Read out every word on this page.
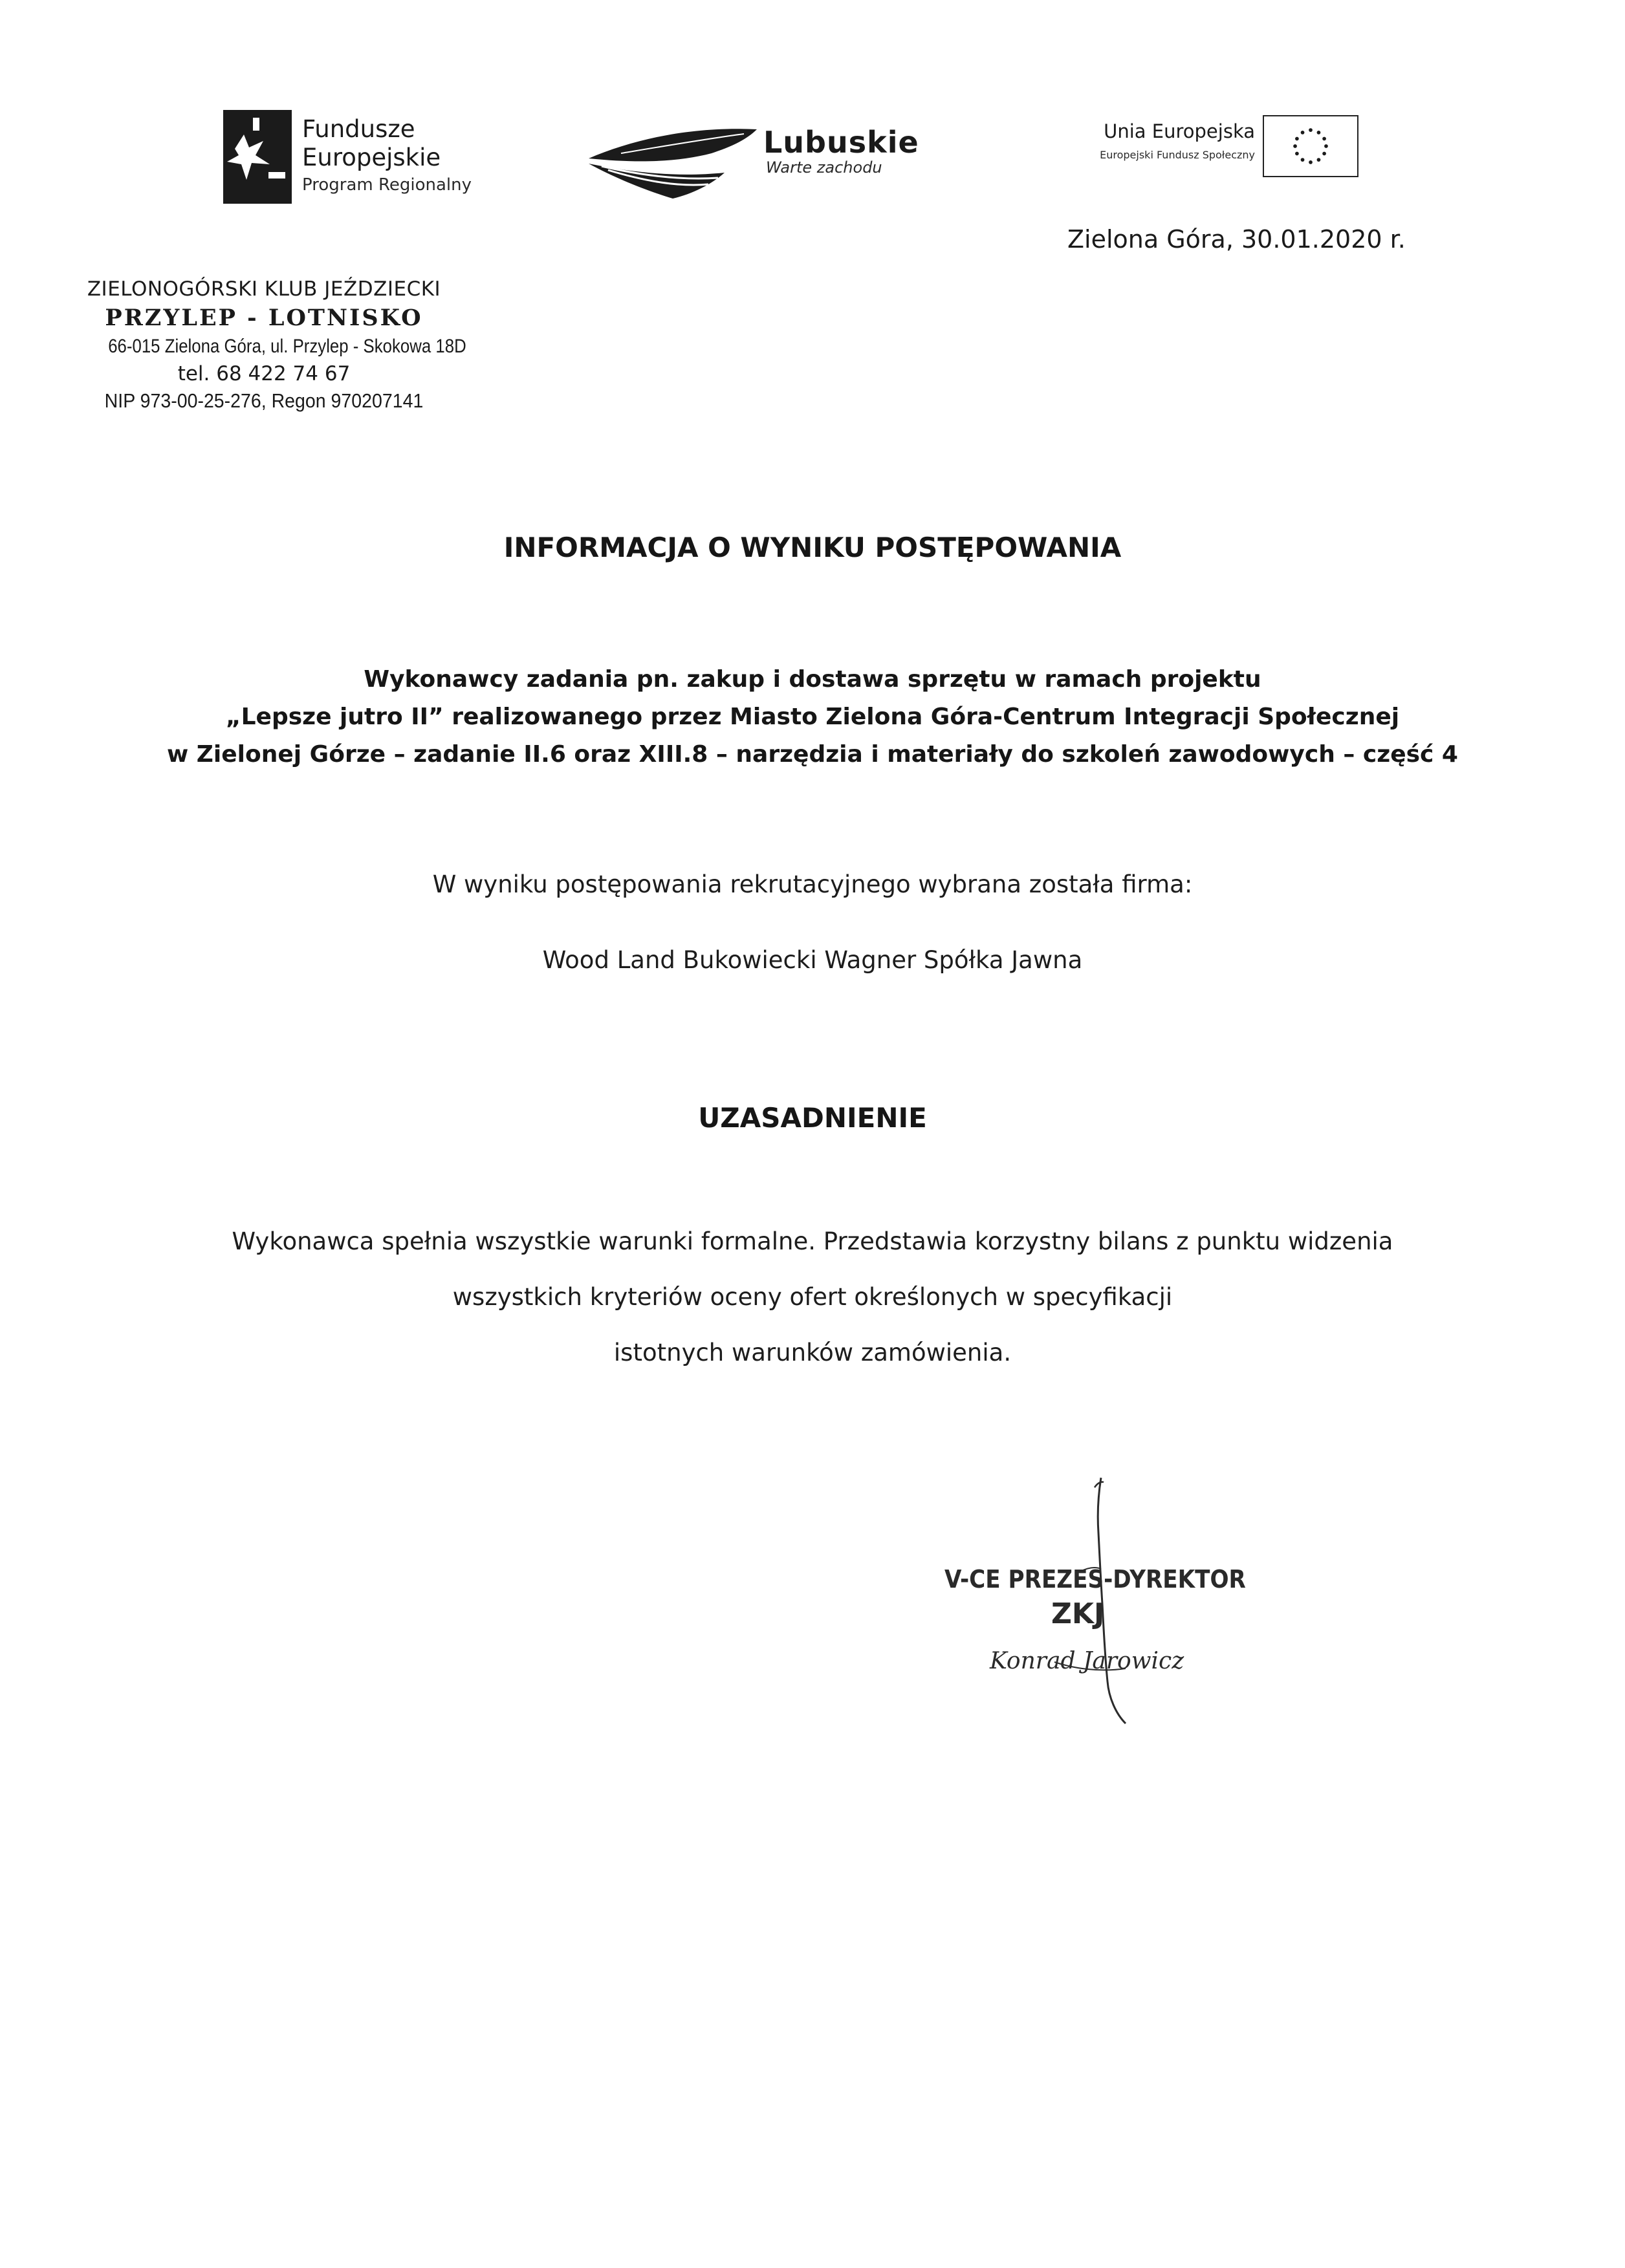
Fundusze
Europejskie
Program Regionalny
Lubuskie
Warte zachodu
Unia Europejska
Europejski Fundusz Społeczny
Zielona Góra, 30.01.2020 r.
ZIELONOGÓRSKI KLUB JEŹDZIECKI
PRZYLEP - LOTNISKO
66-015 Zielona Góra, ul. Przylep - Skokowa 18D
tel. 68 422 74 67
NIP 973-00-25-276, Regon 970207141
INFORMACJA O WYNIKU POSTĘPOWANIA
Wykonawcy zadania pn. zakup i dostawa sprzętu w ramach projektu
„Lepsze jutro II” realizowanego przez Miasto Zielona Góra-Centrum Integracji Społecznej
w Zielonej Górze – zadanie II.6 oraz XIII.8 – narzędzia i materiały do szkoleń zawodowych – część 4
W wyniku postępowania rekrutacyjnego wybrana została firma:
Wood Land Bukowiecki Wagner Spółka Jawna
UZASADNIENIE
Wykonawca spełnia wszystkie warunki formalne. Przedstawia korzystny bilans z punktu widzenia
wszystkich kryteriów oceny ofert określonych w specyfikacji
istotnych warunków zamówienia.
V-CE PREZES-DYREKTOR
ZKJ
Konrad Jarowicz
